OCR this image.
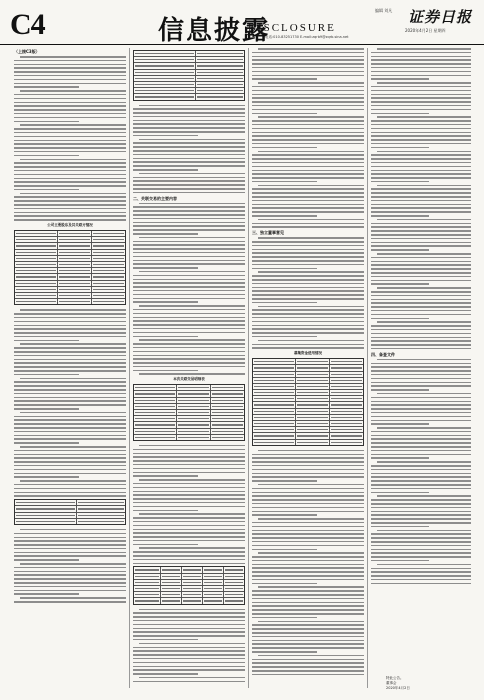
C4	信息披露
DISCLOSURE
编辑 刘凡 证券日报
2020年4月2日 星期四
电话:010-83251730 E-mail:zqrb9@zqrb.sina.net
（上接C3版）
公司主要股东及其关联方情况
二、关联交易的主要内容
本次关联交易明细表
三、独立董事意见
募集资金使用情况	四、备查文件
特此公告。
董事会
2020年4月2日
